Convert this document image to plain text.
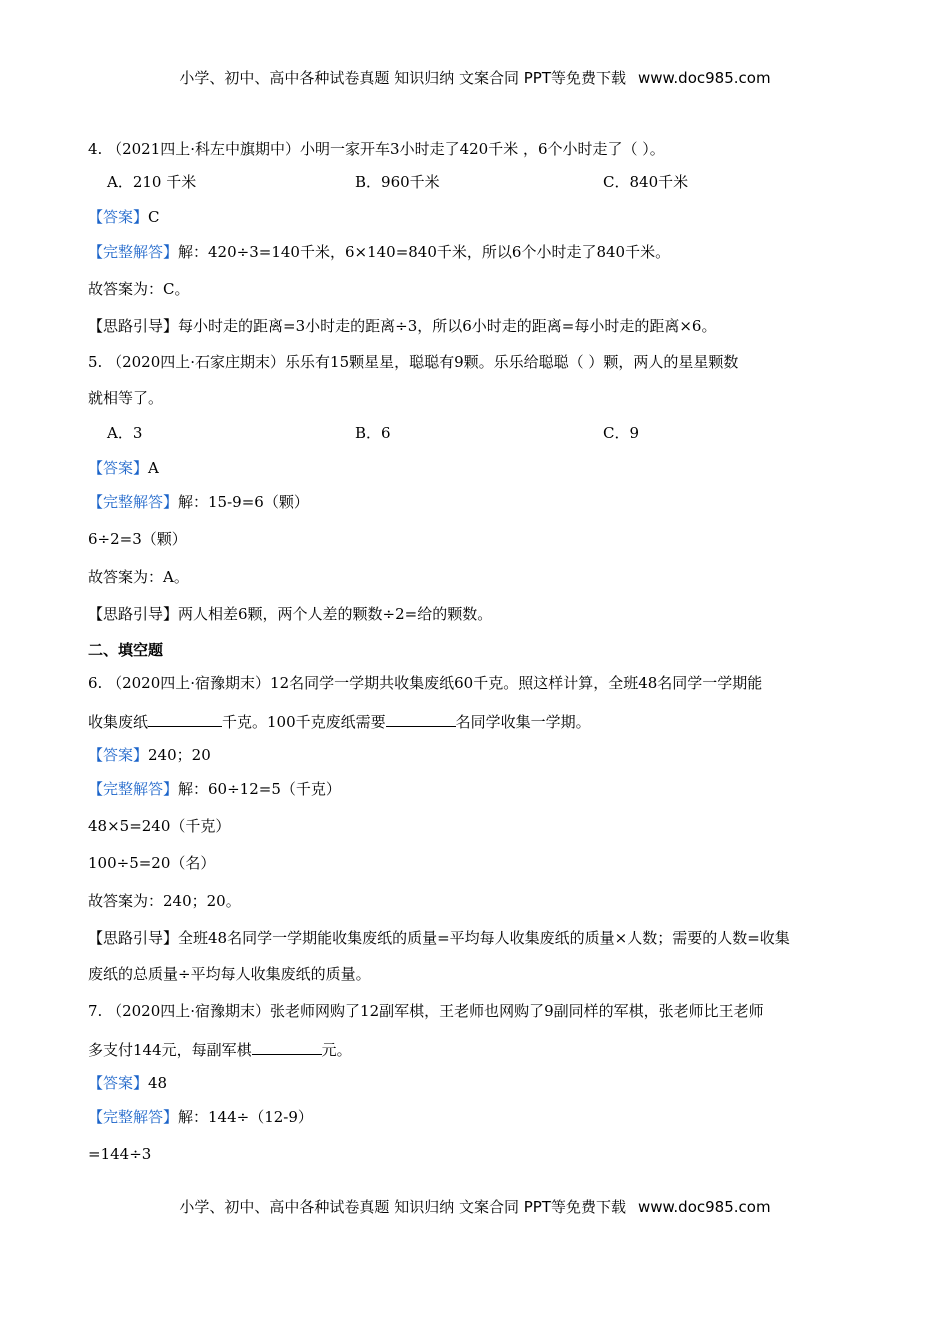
小学、初中、高中各种试卷真题 知识归纳 文案合同 PPT等免费下载 www.doc985.com
4. （2021四上·科左中旗期中）小明一家开车3小时走了420千米 ，6个小时走了（ ）。
A．210 千米	B．960千米	C．840千米
【答案】C
【完整解答】解：420÷3=140千米，6×140=840千米，所以6个小时走了840千米。
故答案为：C。
【思路引导】每小时走的距离=3小时走的距离÷3，所以6小时走的距离=每小时走的距离×6。
5. （2020四上·石家庄期末）乐乐有15颗星星，聪聪有9颗。乐乐给聪聪（ ）颗，两人的星星颗数
就相等了。
A．3	B．6	C．9
【答案】A
【完整解答】解：15-9=6（颗）
6÷2=3（颗）
故答案为：A。
【思路引导】两人相差6颗，两个人差的颗数÷2=给的颗数。
二、填空题
6. （2020四上·宿豫期末）12名同学一学期共收集废纸60千克。照这样计算，全班48名同学一学期能
收集废纸	千克。100千克废纸需要	名同学收集一学期。
【答案】240；20
【完整解答】解：60÷12=5（千克）
48×5=240（千克）
100÷5=20（名）
故答案为：240；20。
【思路引导】全班48名同学一学期能收集废纸的质量=平均每人收集废纸的质量×人数；需要的人数=收集
废纸的总质量÷平均每人收集废纸的质量。
7. （2020四上·宿豫期末）张老师网购了12副军棋，王老师也网购了9副同样的军棋，张老师比王老师
多支付144元，每副军棋	元。
【答案】48
【完整解答】解：144÷（12-9）
=144÷3
小学、初中、高中各种试卷真题 知识归纳 文案合同 PPT等免费下载 www.doc985.com
